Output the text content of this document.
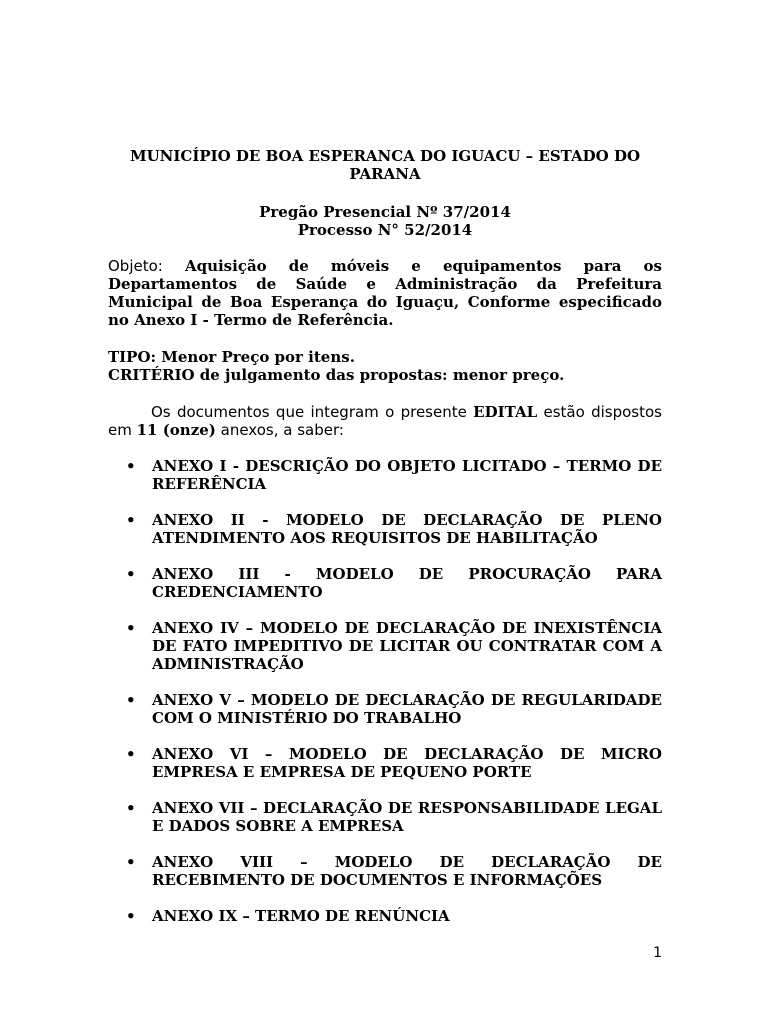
MUNICÍPIO DE BOA ESPERANCA DO IGUACU – ESTADO DO PARANA
Pregão Presencial Nº 37/2014
Processo N° 52/2014
Objeto: Aquisição de móveis e equipamentos para os Departamentos de Saúde e Administração da Prefeitura Municipal de Boa Esperança do Iguaçu, Conforme especificado no Anexo I - Termo de Referência.
TIPO: Menor Preço por itens.
CRITÉRIO de julgamento das propostas: menor preço.
Os documentos que integram o presente EDITAL estão dispostos em 11 (onze) anexos, a saber:
• ANEXO I - DESCRIÇÃO DO OBJETO LICITADO – TERMO DE REFERÊNCIA
• ANEXO II - MODELO DE DECLARAÇÃO DE PLENO ATENDIMENTO AOS REQUISITOS DE HABILITAÇÃO
• ANEXO III - MODELO DE PROCURAÇÃO PARA CREDENCIAMENTO
• ANEXO IV – MODELO DE DECLARAÇÃO DE INEXISTÊNCIA DE FATO IMPEDITIVO DE LICITAR OU CONTRATAR COM A ADMINISTRAÇÃO
• ANEXO V – MODELO DE DECLARAÇÃO DE REGULARIDADE COM O MINISTÉRIO DO TRABALHO
• ANEXO VI – MODELO DE DECLARAÇÃO DE MICRO EMPRESA E EMPRESA DE PEQUENO PORTE
• ANEXO VII – DECLARAÇÃO DE RESPONSABILIDADE LEGAL E DADOS SOBRE A EMPRESA
• ANEXO VIII – MODELO DE DECLARAÇÃO DE RECEBIMENTO DE DOCUMENTOS E INFORMAÇÕES
• ANEXO IX – TERMO DE RENÚNCIA
1
